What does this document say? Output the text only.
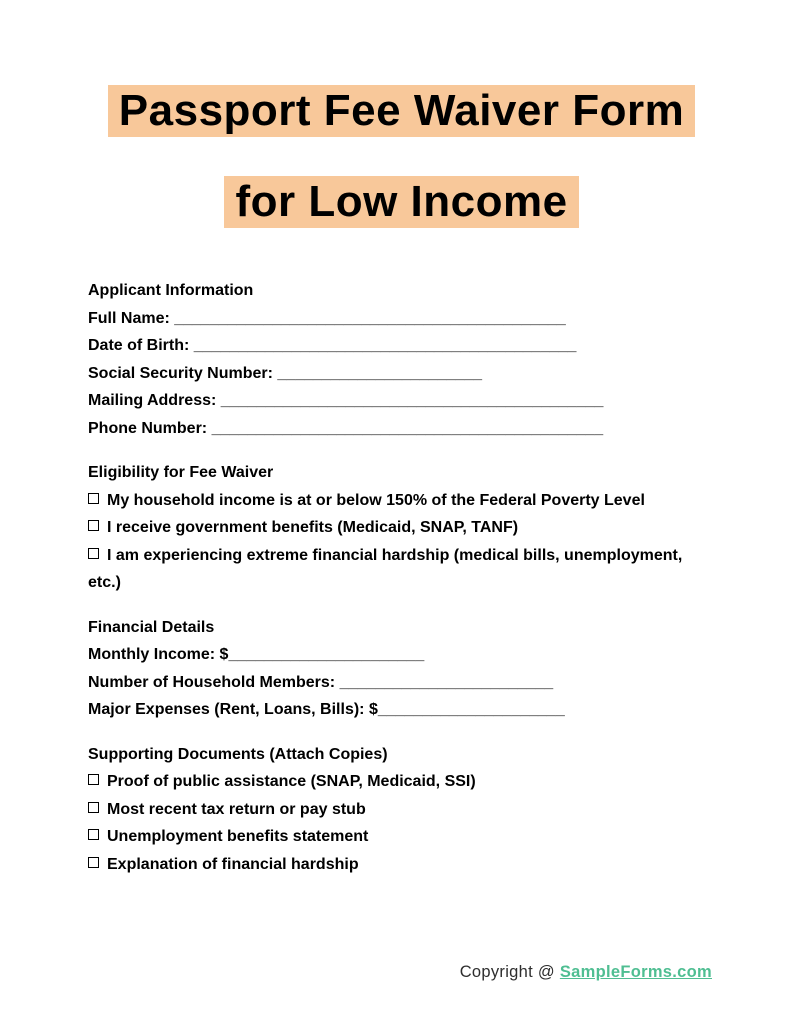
Passport Fee Waiver Form
for Low Income
Applicant Information
Full Name: ____________________________________________
Date of Birth: ___________________________________________
Social Security Number: _______________________
Mailing Address: ___________________________________________
Phone Number: ____________________________________________
Eligibility for Fee Waiver
My household income is at or below 150% of the Federal Poverty Level
I receive government benefits (Medicaid, SNAP, TANF)
I am experiencing extreme financial hardship (medical bills, unemployment,
etc.)
Financial Details
Monthly Income: $______________________
Number of Household Members: ________________________
Major Expenses (Rent, Loans, Bills): $_____________________
Supporting Documents (Attach Copies)
Proof of public assistance (SNAP, Medicaid, SSI)
Most recent tax return or pay stub
Unemployment benefits statement
Explanation of financial hardship
Copyright @ SampleForms.com
